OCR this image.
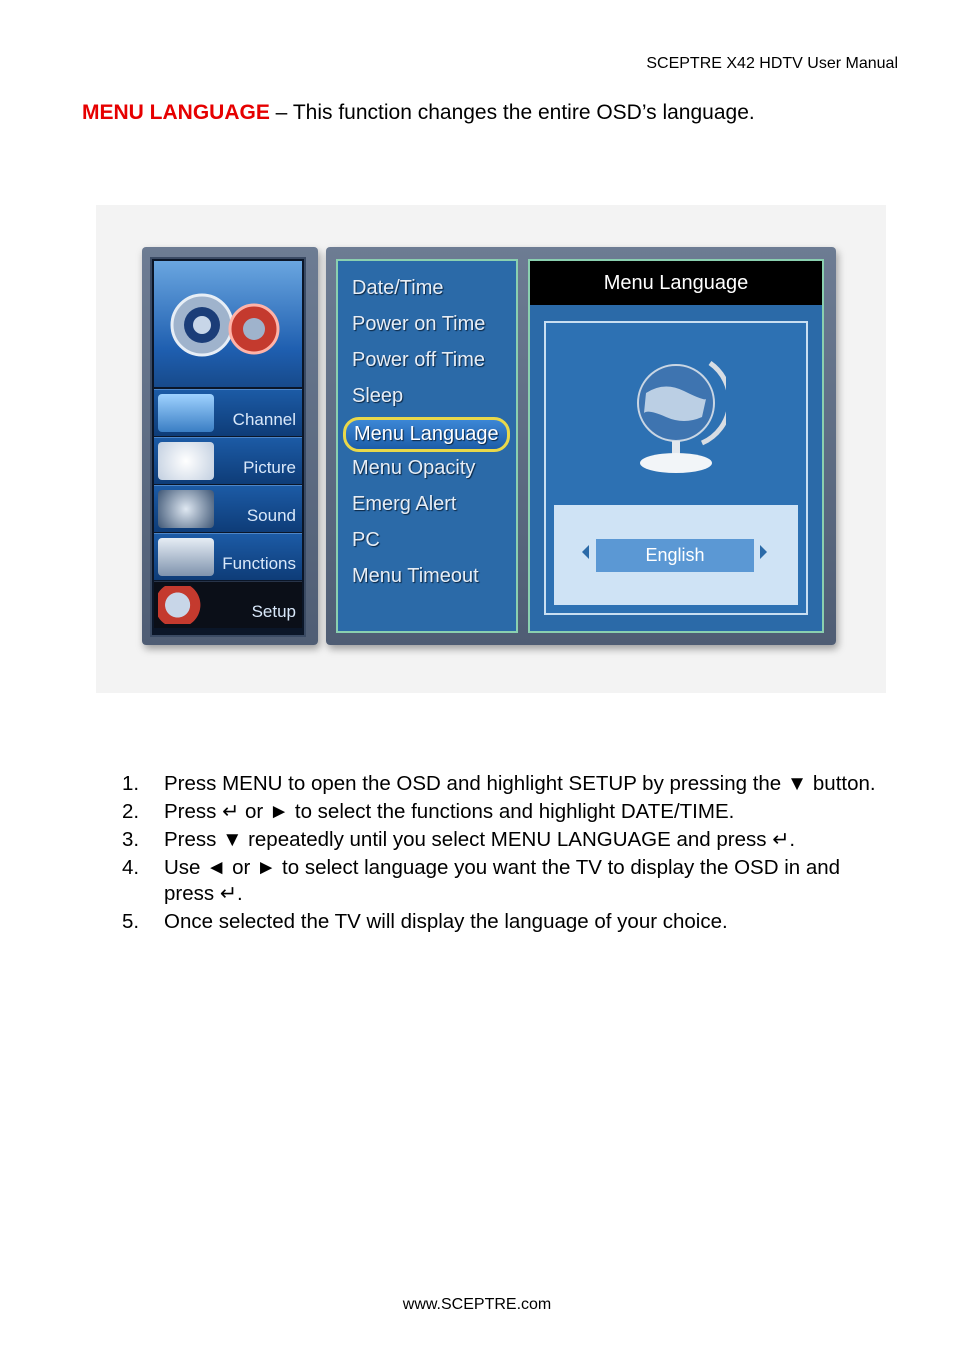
SCEPTRE X42 HDTV User Manual
MENU LANGUAGE – This function changes the entire OSD’s language.
Channel
Picture
Sound
Functions
Setup
Date/Time
Power on Time
Power off Time
Sleep
Menu Language
Menu Opacity
Emerg Alert
PC
Menu Timeout
Menu Language
English
1. Press MENU to open the OSD and highlight SETUP by pressing the ▼ button.
2. Press ↵ or ► to select the functions and highlight DATE/TIME.
3. Press ▼ repeatedly until you select MENU LANGUAGE and press ↵.
4. Use ◄ or ► to select language you want the TV to display the OSD in and press ↵.
5. Once selected the TV will display the language of your choice.
www.SCEPTRE.com
